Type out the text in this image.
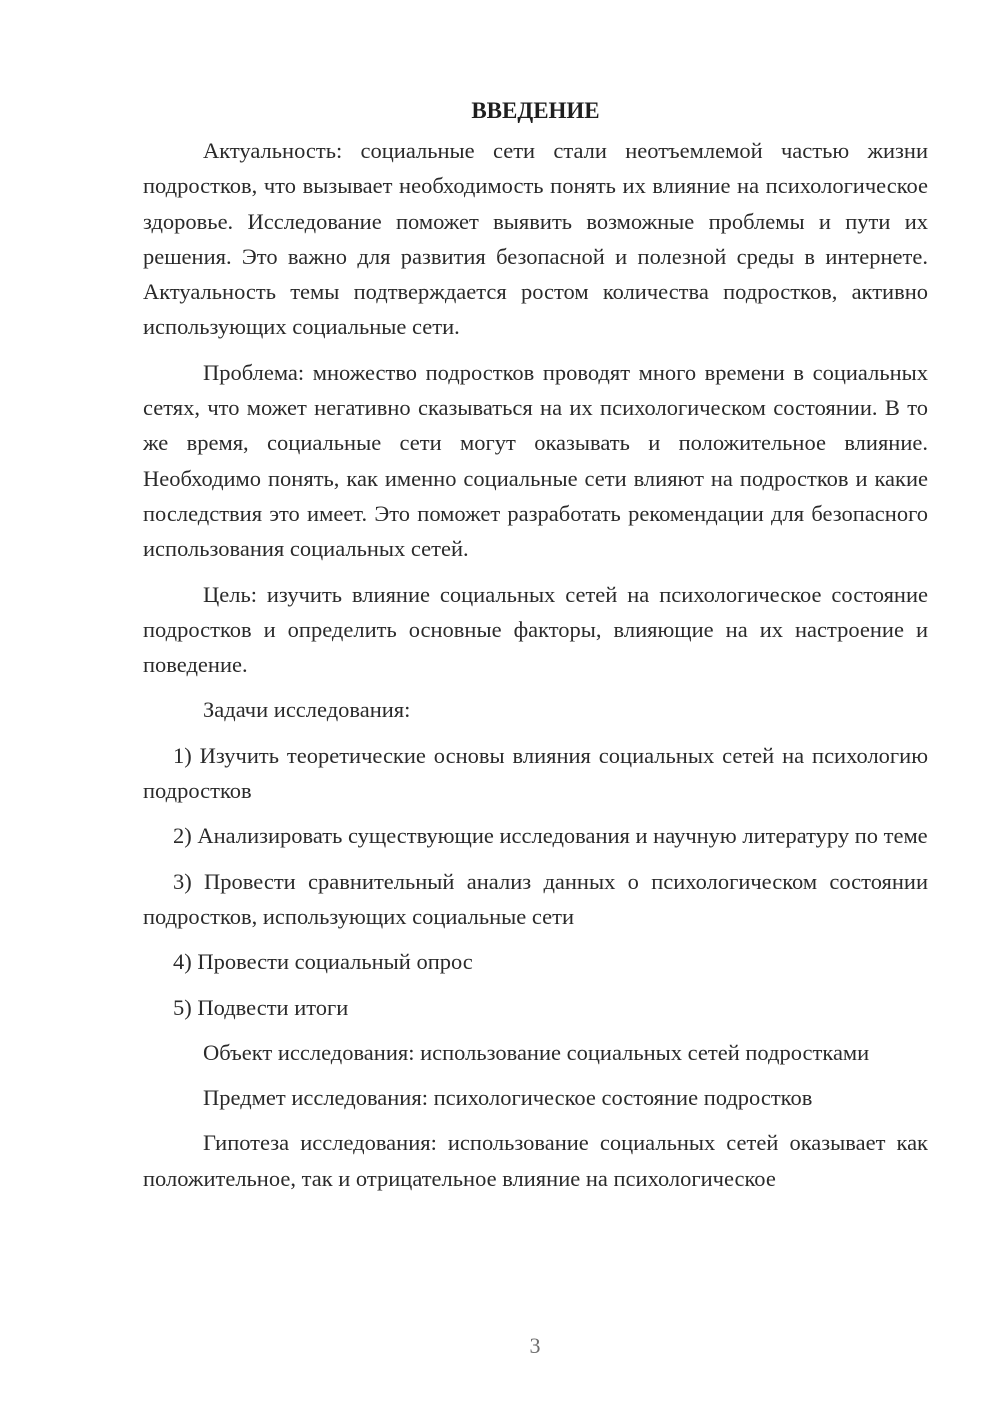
ВВЕДЕНИЕ

Актуальность: социальные сети стали неотъемлемой частью жизни подростков, что вызывает необходимость понять их влияние на психологическое здоровье. Исследование поможет выявить возможные проблемы и пути их решения. Это важно для развития безопасной и полезной среды в интернете. Актуальность темы подтверждается ростом количества подростков, активно использующих социальные сети.

Проблема: множество подростков проводят много времени в социальных сетях, что может негативно сказываться на их психологическом состоянии. В то же время, социальные сети могут оказывать и положительное влияние. Необходимо понять, как именно социальные сети влияют на подростков и какие последствия это имеет. Это поможет разработать рекомендации для безопасного использования социальных сетей.

Цель: изучить влияние социальных сетей на психологическое состояние подростков и определить основные факторы, влияющие на их настроение и поведение.

Задачи исследования:

1) Изучить теоретические основы влияния социальных сетей на психологию подростков

2) Анализировать существующие исследования и научную литературу по теме

3) Провести сравнительный анализ данных о психологическом состоянии подростков, использующих социальные сети

4) Провести социальный опрос

5) Подвести итоги

Объект исследования: использование социальных сетей подростками

Предмет исследования: психологическое состояние подростков

Гипотеза исследования: использование социальных сетей оказывает как положительное, так и отрицательное влияние на психологическое

3
